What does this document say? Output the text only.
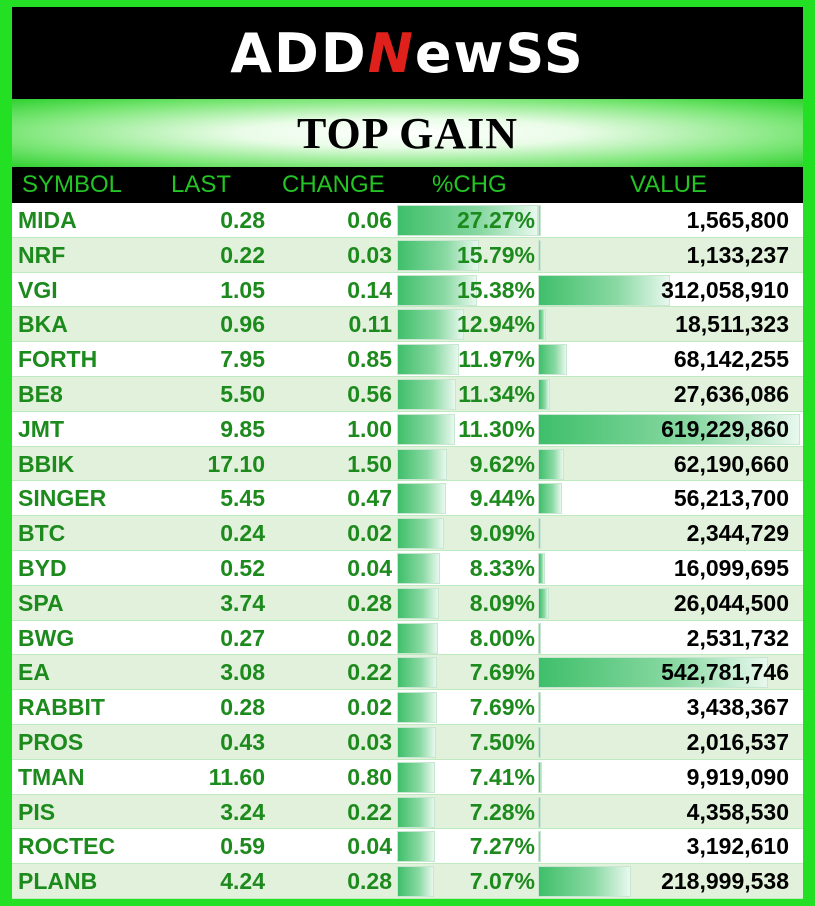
ADDNewSS
TOP GAIN
SYMBOL LAST CHANGE %CHG	VALUE
MIDA	0.28	0.06	27.27%	1,565,800
NRF	0.22	0.03	15.79%	1,133,237
VGI	1.05	0.14	15.38%	312,058,910
BKA	0.96	0.11	12.94%	18,511,323
FORTH	7.95	0.85	11.97%	68,142,255
BE8	5.50	0.56	11.34%	27,636,086
JMT	9.85	1.00	11.30%	619,229,860
BBIK	17.10	1.50	9.62%	62,190,660
SINGER	5.45	0.47	9.44%	56,213,700
BTC	0.24	0.02	9.09%	2,344,729
BYD	0.52	0.04	8.33%	16,099,695
SPA	3.74	0.28	8.09%	26,044,500
BWG	0.27	0.02	8.00%	2,531,732
EA	3.08	0.22	7.69%	542,781,746
RABBIT	0.28	0.02	7.69%	3,438,367
PROS	0.43	0.03	7.50%	2,016,537
TMAN	11.60	0.80	7.41%	9,919,090
PIS	3.24	0.22	7.28%	4,358,530
ROCTEC	0.59	0.04	7.27%	3,192,610
PLANB	4.24	0.28	7.07%	218,999,538
